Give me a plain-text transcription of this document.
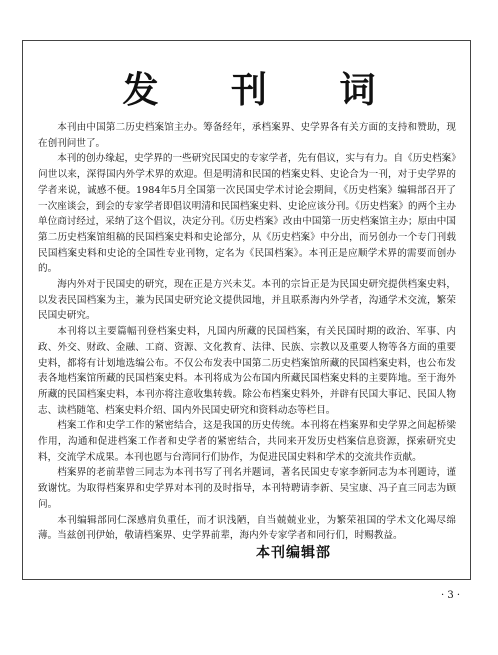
发 刊 词

本刊由中国第二历史档案馆主办。筹备经年，承档案界、史学界各有关方面的支持和赞助，现在创刊问世了。

本刊的创办缘起，史学界的一些研究民国史的专家学者，先有倡议，实与有力。自《历史档案》问世以来，深得国内外学术界的欢迎。但是明清和民国的档案史料、史论合为一刊，对于史学界的学者来说，诚感不便。1984年5月全国第一次民国史学术讨论会期间，《历史档案》编辑部召开了一次座谈会，到会的专家学者即倡议明清和民国档案史料、史论应该分刊。《历史档案》的两个主办单位商讨经过，采纳了这个倡议，决定分刊。《历史档案》改由中国第一历史档案馆主办；原由中国第二历史档案馆组稿的民国档案史料和史论部分，从《历史档案》中分出，而另创办一个专门刊载民国档案史料和史论的全国性专业刊物，定名为《民国档案》。本刊正是应顺学术界的需要而创办的。

海内外对于民国史的研究，现在正是方兴未艾。本刊的宗旨正是为民国史研究提供档案史料，以发表民国档案为主，兼为民国史研究论文提供园地，并且联系海内外学者，沟通学术交流，繁荣民国史研究。

本刊将以主要篇幅刊登档案史料，凡国内所藏的民国档案，有关民国时期的政治、军事、内政、外交、财政、金融、工商、资源、文化教育、法律、民族、宗教以及重要人物等各方面的重要史料，都将有计划地选编公布。不仅公布发表中国第二历史档案馆所藏的民国档案史料，也公布发表各地档案馆所藏的民国档案史料。本刊将成为公布国内所藏民国档案史料的主要阵地。至于海外所藏的民国档案史料，本刊亦将注意收集转载。除公布档案史料外，并辟有民国大事记、民国人物志、读档随笔、档案史料介绍、国内外民国史研究和资料动态等栏目。

档案工作和史学工作的紧密结合，这是我国的历史传统。本刊将在档案界和史学界之间起桥梁作用，沟通和促进档案工作者和史学者的紧密结合，共同来开发历史档案信息资源，探索研究史料，交流学术成果。本刊也愿与台湾同行们协作，为促进民国史料和学术的交流共作贡献。

档案界的老前辈曾三同志为本刊书写了刊名并题词，著名民国史专家李新同志为本刊题诗，谨致谢忱。为取得档案界和史学界对本刊的及时指导，本刊特聘请李新、吴宝康、冯子直三同志为顾问。

本刊编辑部同仁深感肩负重任，而才识浅陋，自当兢兢业业，为繁荣祖国的学术文化竭尽绵薄。当兹创刊伊始，敬请档案界、史学界前辈，海内外专家学者和同行们，时赐教益。

本刊编辑部
· 3 ·
